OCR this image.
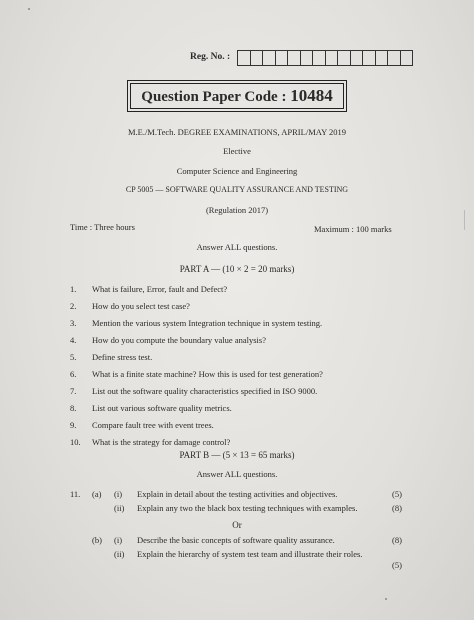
Reg. No. :
Question Paper Code : 10484
M.E./M.Tech. DEGREE EXAMINATIONS, APRIL/MAY 2019
Elective
Computer Science and Engineering
CP 5005 — SOFTWARE QUALITY ASSURANCE AND TESTING
(Regulation 2017)
Time : Three hours	Maximum : 100 marks
Answer ALL questions.
PART A — (10 × 2 = 20 marks)
1. What is failure, Error, fault and Defect?
2. How do you select test case?
3. Mention the various system Integration technique in system testing.
4. How do you compute the boundary value analysis?
5. Define stress test.
6. What is a finite state machine? How this is used for test generation?
7. List out the software quality characteristics specified in ISO 9000.
8. List out various software quality metrics.
9. Compare fault tree with event trees.
10. What is the strategy for damage control?
PART B — (5 × 13 = 65 marks)
Answer ALL questions.
11. (a) (i) Explain in detail about the testing activities and objectives.	(5)
(ii) Explain any two the black box testing techniques with examples.	(8)
Or
(b) (i) Describe the basic concepts of software quality assurance.	(8)
(ii) Explain the hierarchy of system test team and illustrate their roles.
(5)
